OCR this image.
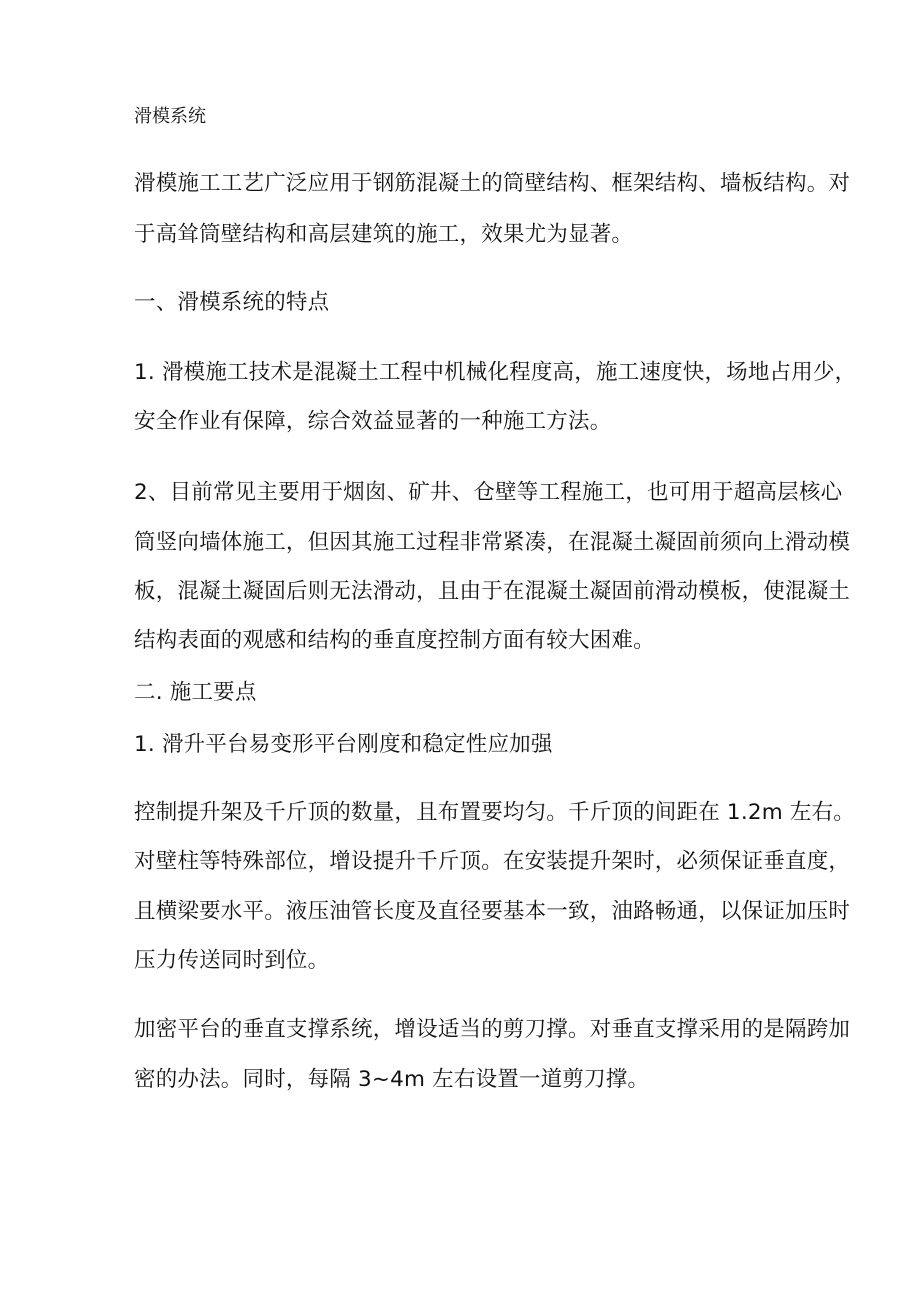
滑模系统
滑模施工工艺广泛应用于钢筋混凝土的筒壁结构、框架结构、墙板结构。对
于高耸筒壁结构和高层建筑的施工，效果尤为显著。
一、滑模系统的特点
1. 滑模施工技术是混凝土工程中机械化程度高，施工速度快，场地占用少，
安全作业有保障，综合效益显著的一种施工方法。
2、目前常见主要用于烟囱、矿井、仓壁等工程施工，也可用于超高层核心
筒竖向墙体施工，但因其施工过程非常紧凑，在混凝土凝固前须向上滑动模
板，混凝土凝固后则无法滑动，且由于在混凝土凝固前滑动模板，使混凝土
结构表面的观感和结构的垂直度控制方面有较大困难。
二. 施工要点
1. 滑升平台易变形平台刚度和稳定性应加强
控制提升架及千斤顶的数量，且布置要均匀。千斤顶的间距在 1.2m 左右。
对壁柱等特殊部位，增设提升千斤顶。在安装提升架时，必须保证垂直度，
且横梁要水平。液压油管长度及直径要基本一致，油路畅通，以保证加压时
压力传送同时到位。
加密平台的垂直支撑系统，增设适当的剪刀撑。对垂直支撑采用的是隔跨加
密的办法。同时，每隔 3~4m 左右设置一道剪刀撑。
